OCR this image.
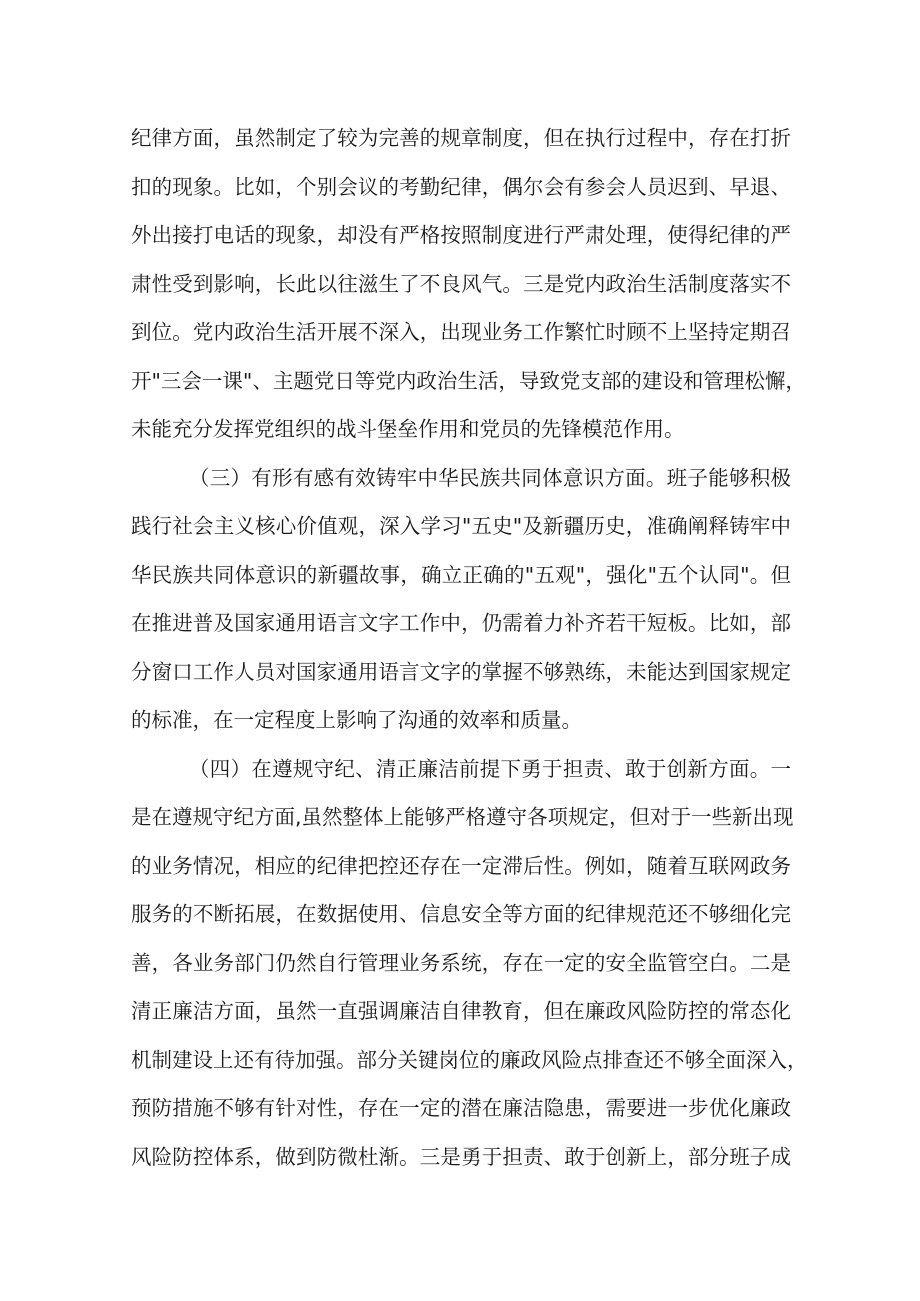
纪律方面，虽然制定了较为完善的规章制度，但在执行过程中，存在打折
扣的现象。比如，个别会议的考勤纪律，偶尔会有参会人员迟到、早退、
外出接打电话的现象，却没有严格按照制度进行严肃处理，使得纪律的严
肃性受到影响，长此以往滋生了不良风气。三是党内政治生活制度落实不
到位。党内政治生活开展不深入，出现业务工作繁忙时顾不上坚持定期召
开"三会一课"、主题党日等党内政治生活，导致党支部的建设和管理松懈，
未能充分发挥党组织的战斗堡垒作用和党员的先锋模范作用。
（三）有形有感有效铸牢中华民族共同体意识方面。班子能够积极
践行社会主义核心价值观，深入学习"五史"及新疆历史，准确阐释铸牢中
华民族共同体意识的新疆故事，确立正确的"五观"，强化"五个认同"。但
在推进普及国家通用语言文字工作中，仍需着力补齐若干短板。比如，部
分窗口工作人员对国家通用语言文字的掌握不够熟练，未能达到国家规定
的标准，在一定程度上影响了沟通的效率和质量。
（四）在遵规守纪、清正廉洁前提下勇于担责、敢于创新方面。一
是在遵规守纪方面,虽然整体上能够严格遵守各项规定，但对于一些新出现
的业务情况，相应的纪律把控还存在一定滞后性。例如，随着互联网政务
服务的不断拓展，在数据使用、信息安全等方面的纪律规范还不够细化完
善，各业务部门仍然自行管理业务系统，存在一定的安全监管空白。二是
清正廉洁方面，虽然一直强调廉洁自律教育，但在廉政风险防控的常态化
机制建设上还有待加强。部分关键岗位的廉政风险点排查还不够全面深入，
预防措施不够有针对性，存在一定的潜在廉洁隐患，需要进一步优化廉政
风险防控体系，做到防微杜渐。三是勇于担责、敢于创新上，部分班子成
